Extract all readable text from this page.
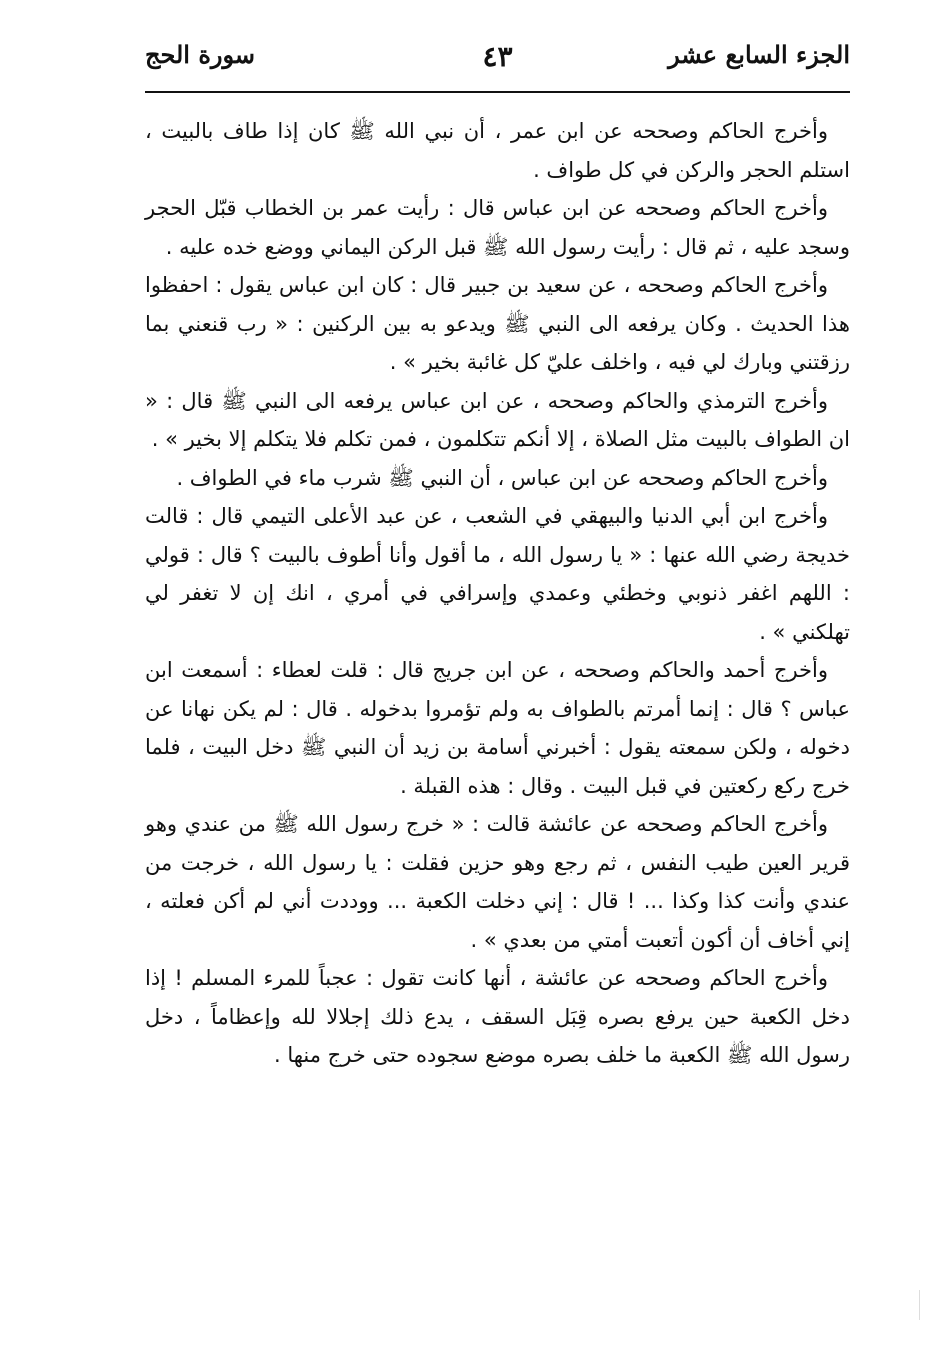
الجزء السابع عشر
٤٣
سورة الحج

وأخرج الحاكم وصححه عن ابن عمر ، أن نبي الله ﷺ كان إذا طاف بالبيت ، استلم الحجر والركن في كل طواف .

وأخرج الحاكم وصححه عن ابن عباس قال : رأيت عمر بن الخطاب قبّل الحجر وسجد عليه ، ثم قال : رأيت رسول الله ﷺ قبل الركن اليماني ووضع خده عليه .

وأخرج الحاكم وصححه ، عن سعيد بن جبير قال : كان ابن عباس يقول : احفظوا هذا الحديث . وكان يرفعه الى النبي ﷺ ويدعو به بين الركنين : « رب قنعني بما رزقتني وبارك لي فيه ، واخلف عليّ كل غائبة بخير » .

وأخرج الترمذي والحاكم وصححه ، عن ابن عباس يرفعه الى النبي ﷺ قال : « ان الطواف بالبيت مثل الصلاة ، إلا أنكم تتكلمون ، فمن تكلم فلا يتكلم إلا بخير » .

وأخرج الحاكم وصححه عن ابن عباس ، أن النبي ﷺ شرب ماء في الطواف .

وأخرج ابن أبي الدنيا والبيهقي في الشعب ، عن عبد الأعلى التيمي قال : قالت خديجة رضي الله عنها : « يا رسول الله ، ما أقول وأنا أطوف بالبيت ؟ قال : قولي : اللهم اغفر ذنوبي وخطئي وعمدي وإسرافي في أمري ، انك إن لا تغفر لي تهلكني » .

وأخرج أحمد والحاكم وصححه ، عن ابن جريج قال : قلت لعطاء : أسمعت ابن عباس ؟ قال : إنما أمرتم بالطواف به ولم تؤمروا بدخوله . قال : لم يكن نهانا عن دخوله ، ولكن سمعته يقول : أخبرني أسامة بن زيد أن النبي ﷺ دخل البيت ، فلما خرج ركع ركعتين في قبل البيت . وقال : هذه القبلة .

وأخرج الحاكم وصححه عن عائشة قالت : « خرج رسول الله ﷺ من عندي وهو قرير العين طيب النفس ، ثم رجع وهو حزين فقلت : يا رسول الله ، خرجت من عندي وأنت كذا وكذا ... ! قال : إني دخلت الكعبة ... ووددت أني لم أكن فعلته ، إني أخاف أن أكون أتعبت أمتي من بعدي » .

وأخرج الحاكم وصححه عن عائشة ، أنها كانت تقول : عجباً للمرء المسلم ! إذا دخل الكعبة حين يرفع بصره قِبَل السقف ، يدع ذلك إجلالا لله وإعظاماً ، دخل رسول الله ﷺ الكعبة ما خلف بصره موضع سجوده حتى خرج منها .
